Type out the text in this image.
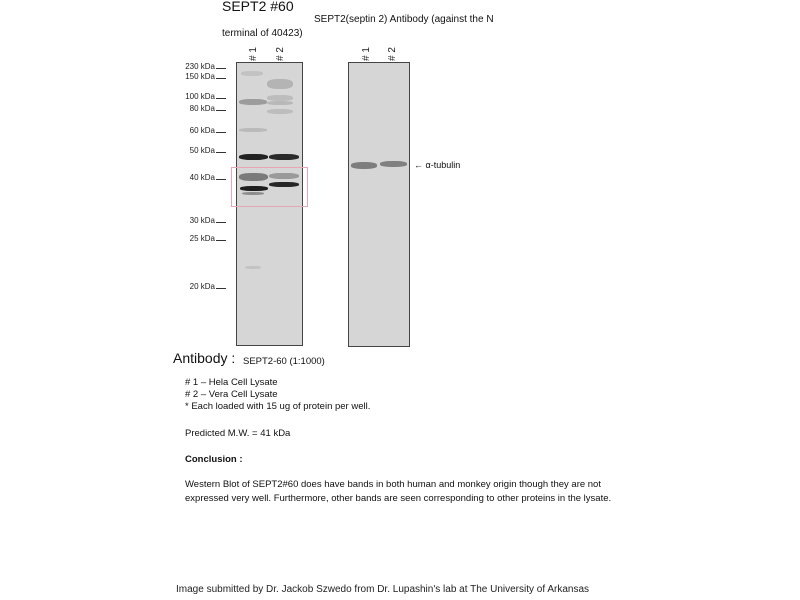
SEPT2 #60
SEPT2(septin 2) Antibody (against the N
terminal of 40423)
# 1 # 2	# 1 # 2
230 kDa
150 kDa
100 kDa
80 kDa
60 kDa
50 kDa
40 kDa
30 kDa
25 kDa
20 kDa
← α-tubulin
Antibody : SEPT2-60 (1:1000)
# 1 – Hela Cell Lysate
# 2 – Vera Cell Lysate
* Each loaded with 15 ug of protein per well.
Predicted M.W. = 41 kDa
Conclusion :
Western Blot of SEPT2#60 does have bands in both human and monkey origin though they are not expressed very well. Furthermore, other bands are seen corresponding to other proteins in the lysate.
Image submitted by Dr. Jackob Szwedo from Dr. Lupashin's lab at The University of Arkansas
